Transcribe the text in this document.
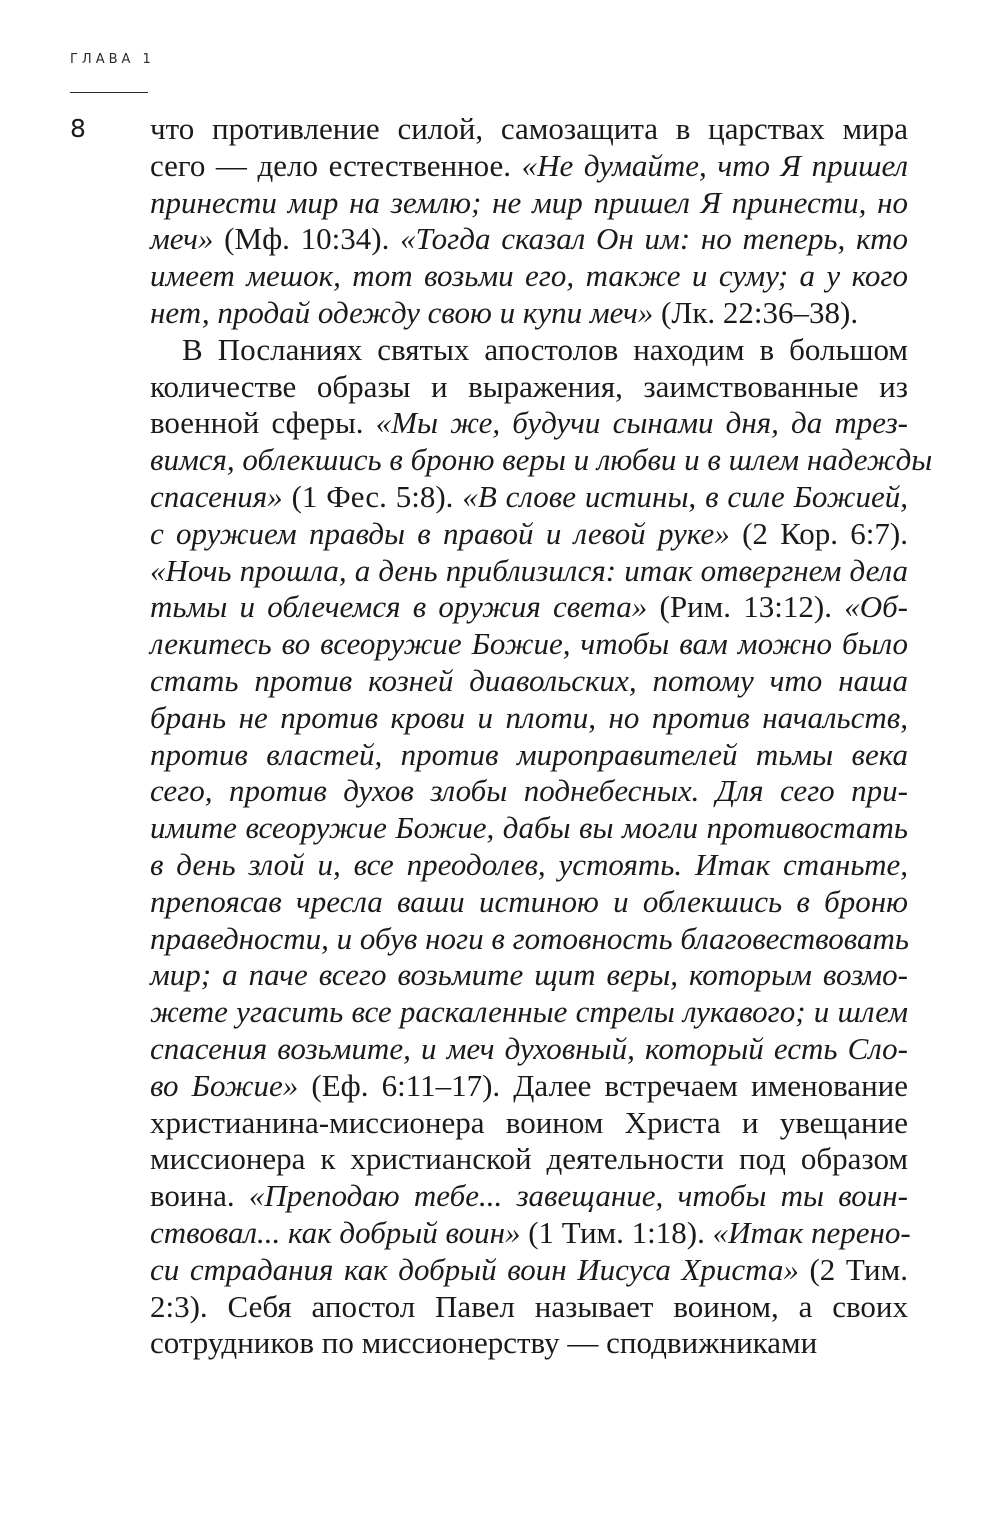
ГЛАВА 1
8 что противление силой, самозащита в царствах мира
сего — дело естественное. «Не думайте, что Я пришел
принести мир на землю; не мир пришел Я принести, но
меч» (Мф. 10:34). «Тогда сказал Он им: но теперь, кто
имеет мешок, тот возьми его, также и суму; а у кого
нет, продай одежду свою и купи меч» (Лк. 22:36–38).
В Посланиях святых апостолов находим в большом
количестве образы и выражения, заимствованные из
военной сферы. «Мы же, будучи сынами дня, да трез-
вимся, облекшись в броню веры и любви и в шлем надежды
спасения» (1 Фес. 5:8). «В слове истины, в силе Божией,
с оружием правды в правой и левой руке» (2 Кор. 6:7).
«Ночь прошла, а день приблизился: итак отвергнем дела
тьмы и облечемся в оружия света» (Рим. 13:12). «Об-
лекитесь во всеоружие Божие, чтобы вам можно было
стать против козней диавольских, потому что наша
брань не против крови и плоти, но против начальств,
против властей, против мироправителей тьмы века
сего, против духов злобы поднебесных. Для сего при-
имите всеоружие Божие, дабы вы могли противостать
в день злой и, все преодолев, устоять. Итак станьте,
препоясав чресла ваши истиною и облекшись в броню
праведности, и обув ноги в готовность благовествовать
мир; а паче всего возьмите щит веры, которым возмо-
жете угасить все раскаленные стрелы лукавого; и шлем
спасения возьмите, и меч духовный, который есть Сло-
во Божие» (Еф. 6:11–17). Далее встречаем именование
христианина-миссионера воином Христа и увещание
миссионера к христианской деятельности под образом
воина. «Преподаю тебе... завещание, чтобы ты воин-
ствовал... как добрый воин» (1 Тим. 1:18). «Итак перено-
си страдания как добрый воин Иисуса Христа» (2 Тим.
2:3). Себя апостол Павел называет воином, а своих
сотрудников по миссионерству — сподвижниками
